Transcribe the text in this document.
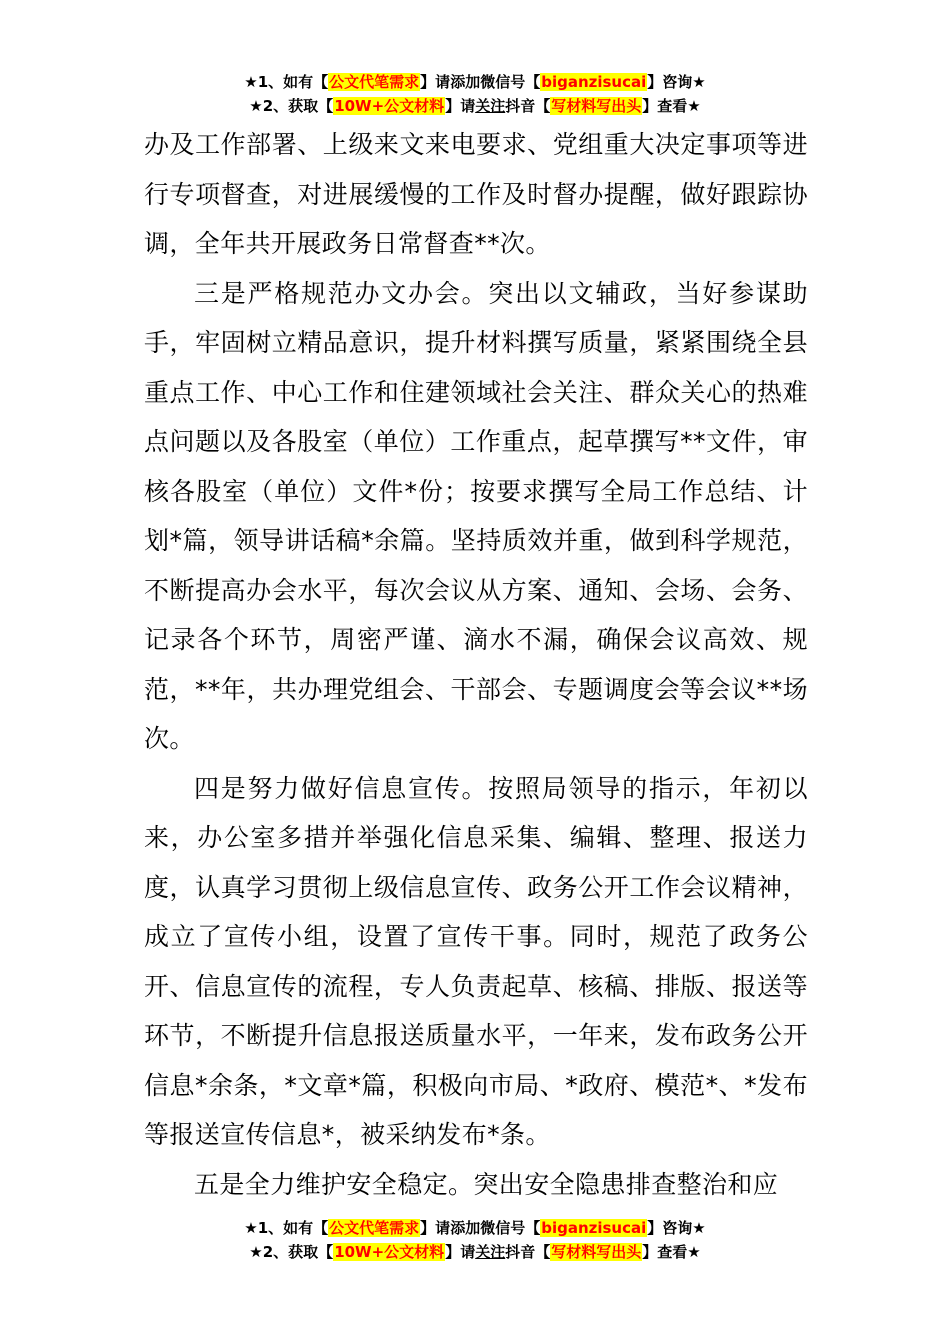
★1、如有【公文代笔需求】请添加微信号【biganzisucai】咨询★
★2、获取【10W+公文材料】请关注抖音【写材料写出头】查看★

办及工作部署、上级来文来电要求、党组重大决定事项等进行专项督查，对进展缓慢的工作及时督办提醒，做好跟踪协调，全年共开展政务日常督查**次。

三是严格规范办文办会。突出以文辅政，当好参谋助手，牢固树立精品意识，提升材料撰写质量，紧紧围绕全县重点工作、中心工作和住建领域社会关注、群众关心的热难点问题以及各股室（单位）工作重点，起草撰写**文件，审核各股室（单位）文件*份；按要求撰写全局工作总结、计划*篇，领导讲话稿*余篇。坚持质效并重，做到科学规范，不断提高办会水平，每次会议从方案、通知、会场、会务、记录各个环节，周密严谨、滴水不漏，确保会议高效、规范，**年，共办理党组会、干部会、专题调度会等会议**场次。

四是努力做好信息宣传。按照局领导的指示，年初以来，办公室多措并举强化信息采集、编辑、整理、报送力度，认真学习贯彻上级信息宣传、政务公开工作会议精神，成立了宣传小组，设置了宣传干事。同时，规范了政务公开、信息宣传的流程，专人负责起草、核稿、排版、报送等环节，不断提升信息报送质量水平，一年来，发布政务公开信息*余条，*文章*篇，积极向市局、*政府、模范*、*发布等报送宣传信息*，被采纳发布*条。

五是全力维护安全稳定。突出安全隐患排查整治和应

★1、如有【公文代笔需求】请添加微信号【biganzisucai】咨询★
★2、获取【10W+公文材料】请关注抖音【写材料写出头】查看★
